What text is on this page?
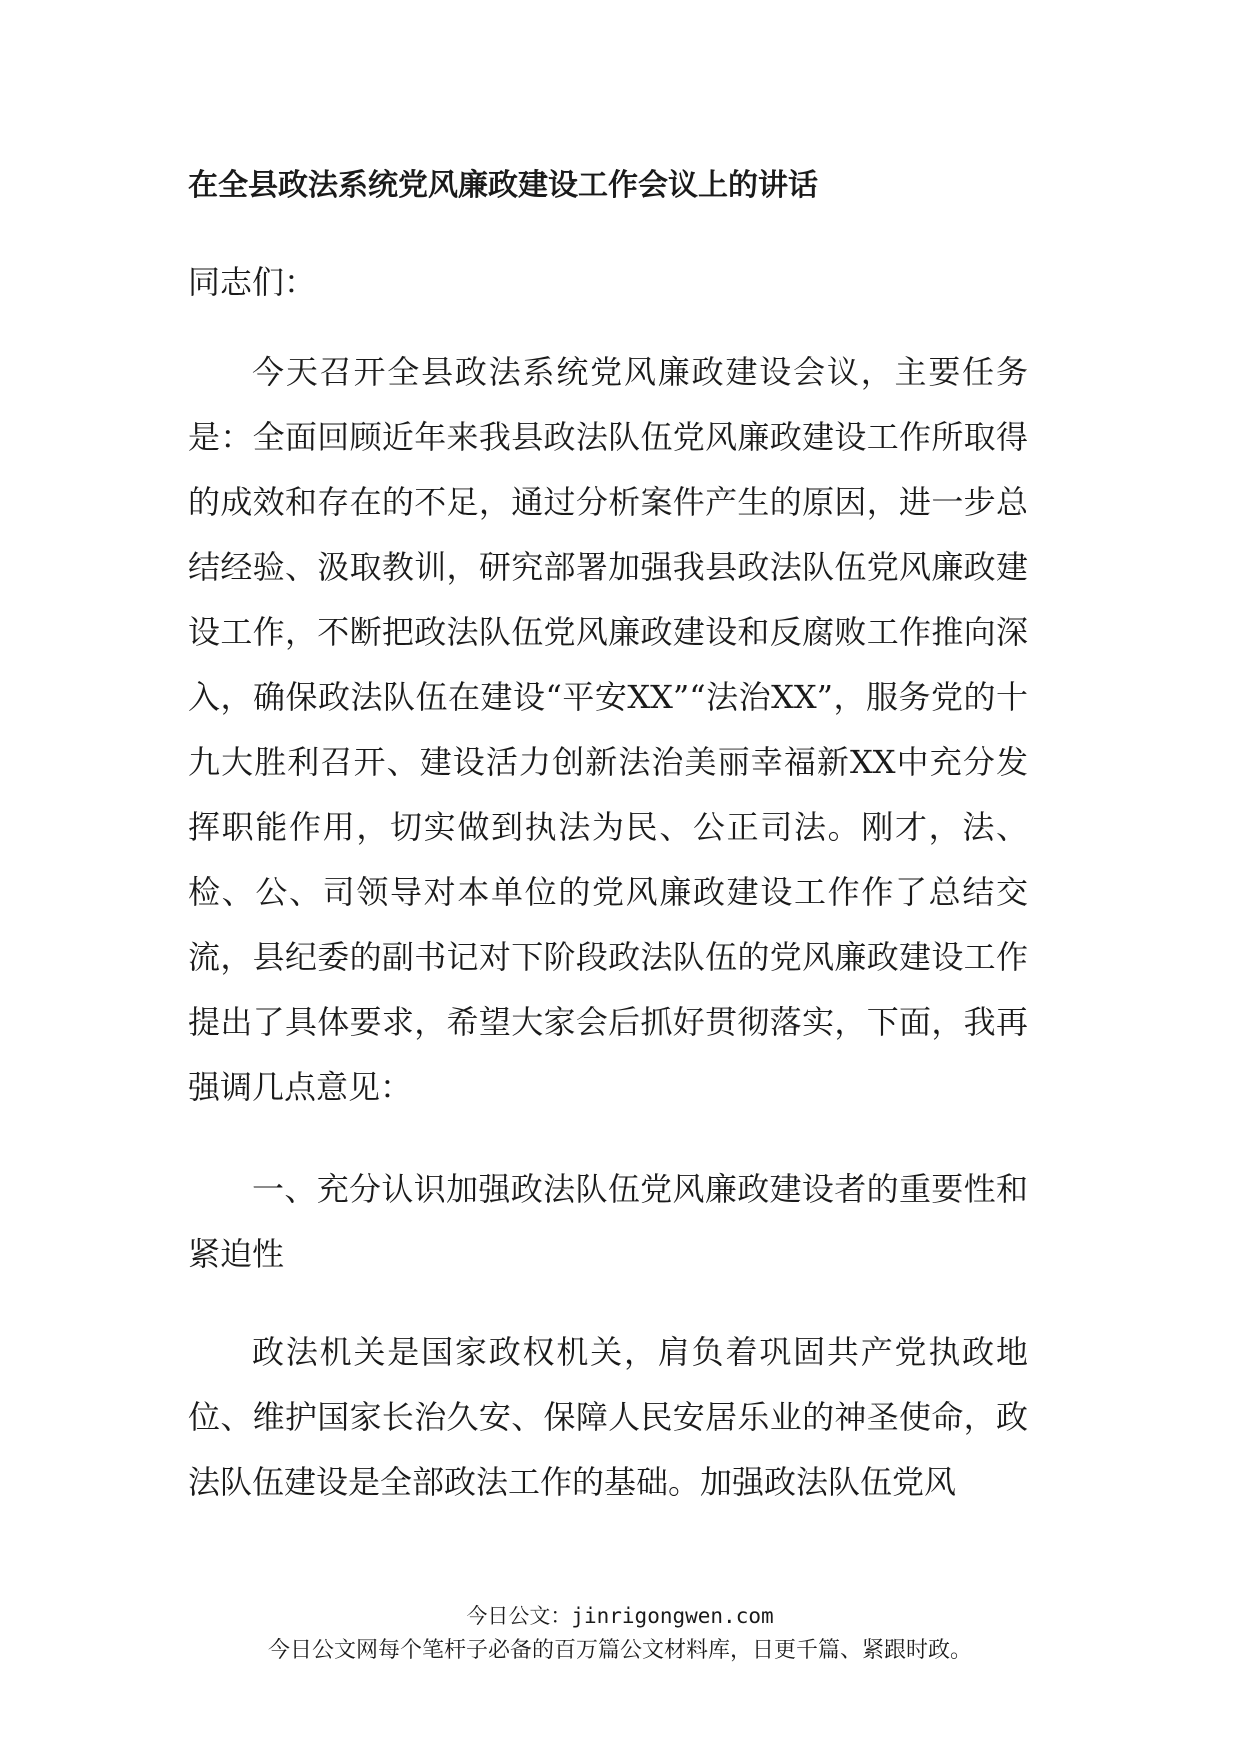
在全县政法系统党风廉政建设工作会议上的讲话
同志们：

今天召开全县政法系统党风廉政建设会议，主要任务是：全面回顾近年来我县政法队伍党风廉政建设工作所取得的成效和存在的不足，通过分析案件产生的原因，进一步总结经验、汲取教训，研究部署加强我县政法队伍党风廉政建设工作，不断把政法队伍党风廉政建设和反腐败工作推向深入，确保政法队伍在建设“平安XX”“法治XX”，服务党的十九大胜利召开、建设活力创新法治美丽幸福新XX中充分发挥职能作用，切实做到执法为民、公正司法。刚才，法、检、公、司领导对本单位的党风廉政建设工作作了总结交流，县纪委的副书记对下阶段政法队伍的党风廉政建设工作提出了具体要求，希望大家会后抓好贯彻落实，下面，我再强调几点意见：

一、充分认识加强政法队伍党风廉政建设者的重要性和紧迫性

政法机关是国家政权机关，肩负着巩固共产党执政地位、维护国家长治久安、保障人民安居乐业的神圣使命，政法队伍建设是全部政法工作的基础。加强政法队伍党风

今日公文：jinrigongwen.com
今日公文网每个笔杆子必备的百万篇公文材料库，日更千篇、紧跟时政。
